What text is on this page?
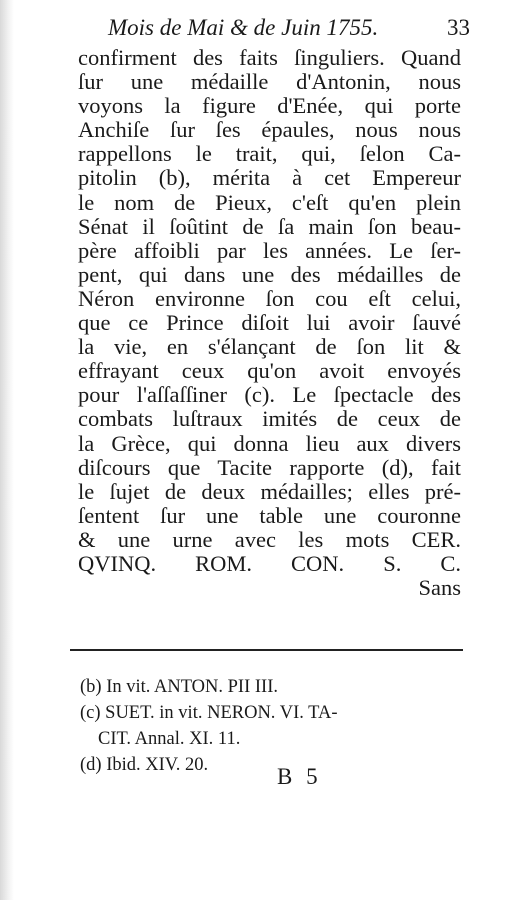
Mois de Mai & de Juin 1755.	33
confirment des faits ſinguliers. Quand
ſur une médaille d'Antonin, nous
voyons la figure d'Enée, qui porte
Anchiſe ſur ſes épaules, nous nous
rappellons le trait, qui, ſelon Ca-
pitolin (b), mérita à cet Empereur
le nom de Pieux, c'eſt qu'en plein
Sénat il ſoûtint de ſa main ſon beau-
père affoibli par les années. Le ſer-
pent, qui dans une des médailles de
Néron environne ſon cou eſt celui,
que ce Prince diſoit lui avoir ſauvé
la vie, en s'élançant de ſon lit &
effrayant ceux qu'on avoit envoyés
pour l'aſſaſſiner (c). Le ſpectacle des
combats luſtraux imités de ceux de
la Grèce, qui donna lieu aux divers
diſcours que Tacite rapporte (d), fait
le ſujet de deux médailles; elles pré-
ſentent ſur une table une couronne
& une urne avec les mots CER.
QVINQ. ROM. CON. S. C.
Sans
(b) In vit. ANTON. PII III.
(c) SUET. in vit. NERON. VI. TA-
CIT. Annal. XI. 11.
(d) Ibid. XIV. 20.	B 5
